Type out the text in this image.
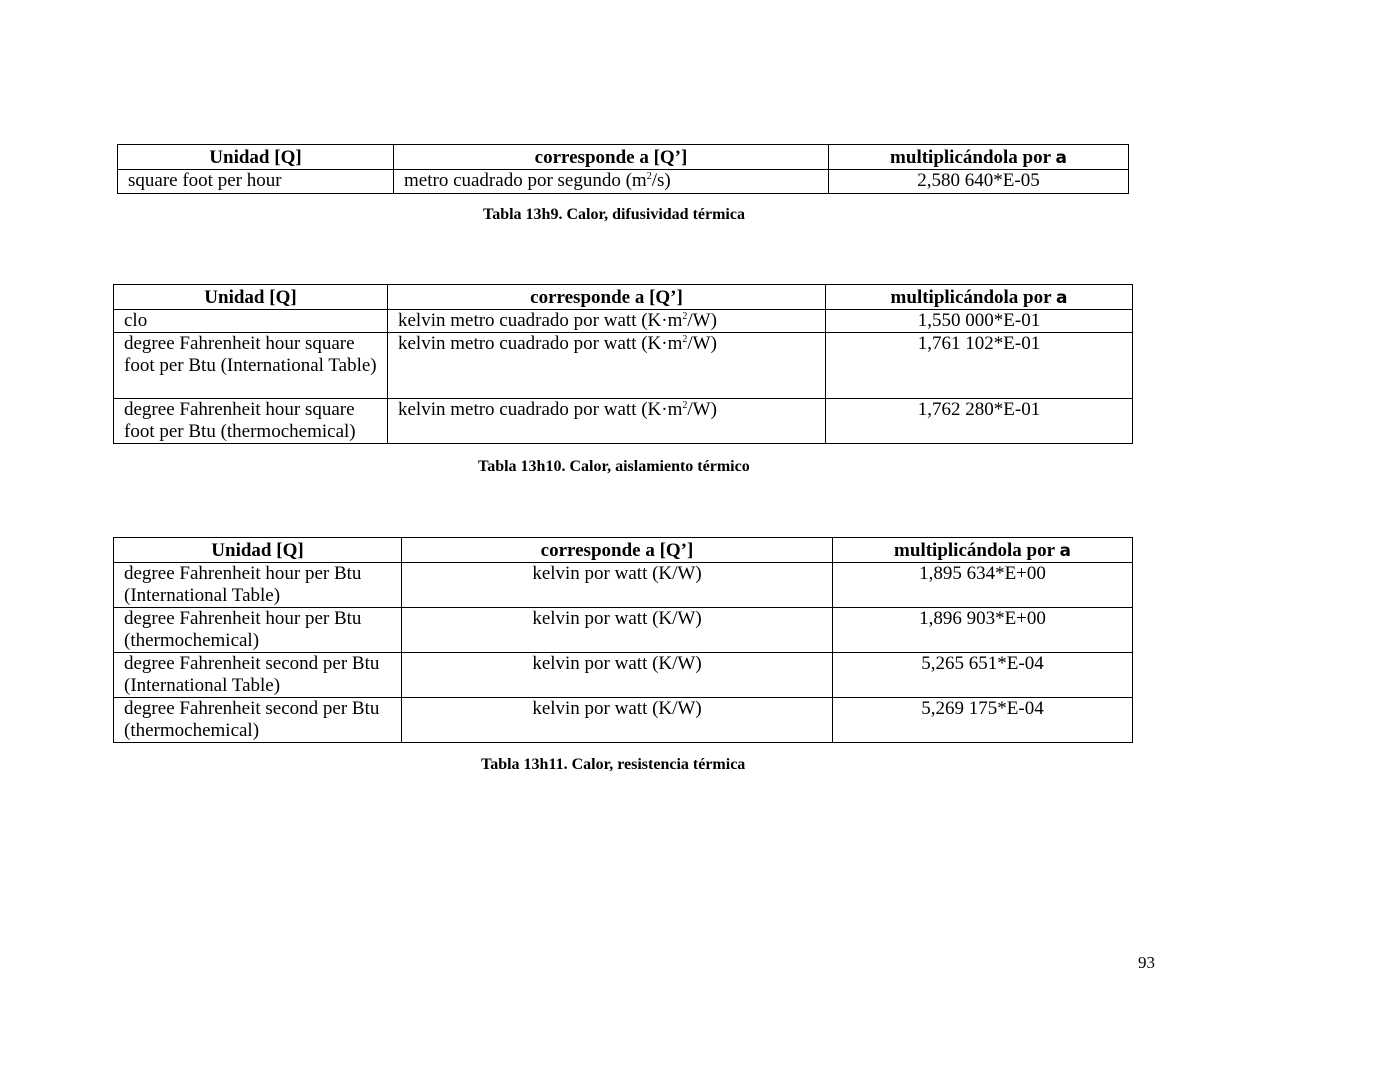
Unidad [Q]	corresponde a [Q’]	multiplicándola por a
square foot per hour	metro cuadrado por segundo $(m^2/s)$	2,580 640*E-05
Tabla 13h9. Calor, difusividad térmica
Unidad [Q]	corresponde a [Q’]	multiplicándola por a
clo	kelvin metro cuadrado por watt $(K\cdot m^2/W)$	1,550 000*E-01
degree Fahrenheit hour square foot per Btu (International Table)	kelvin metro cuadrado por watt $(K\cdot m^2/W)$	1,761 102*E-01
degree Fahrenheit hour square foot per Btu (thermochemical)	kelvin metro cuadrado por watt $(K\cdot m^2/W)$	1,762 280*E-01
Tabla 13h10. Calor, aislamiento térmico
Unidad [Q]	corresponde a [Q’]	multiplicándola por a
degree Fahrenheit hour per Btu (International Table)	kelvin por watt (K/W)	1,895 634*E+00
degree Fahrenheit hour per Btu (thermochemical)	kelvin por watt (K/W)	1,896 903*E+00
degree Fahrenheit second per Btu (International Table)	kelvin por watt (K/W)	5,265 651*E-04
degree Fahrenheit second per Btu (thermochemical)	kelvin por watt (K/W)	5,269 175*E-04
Tabla 13h11. Calor, resistencia térmica
93
